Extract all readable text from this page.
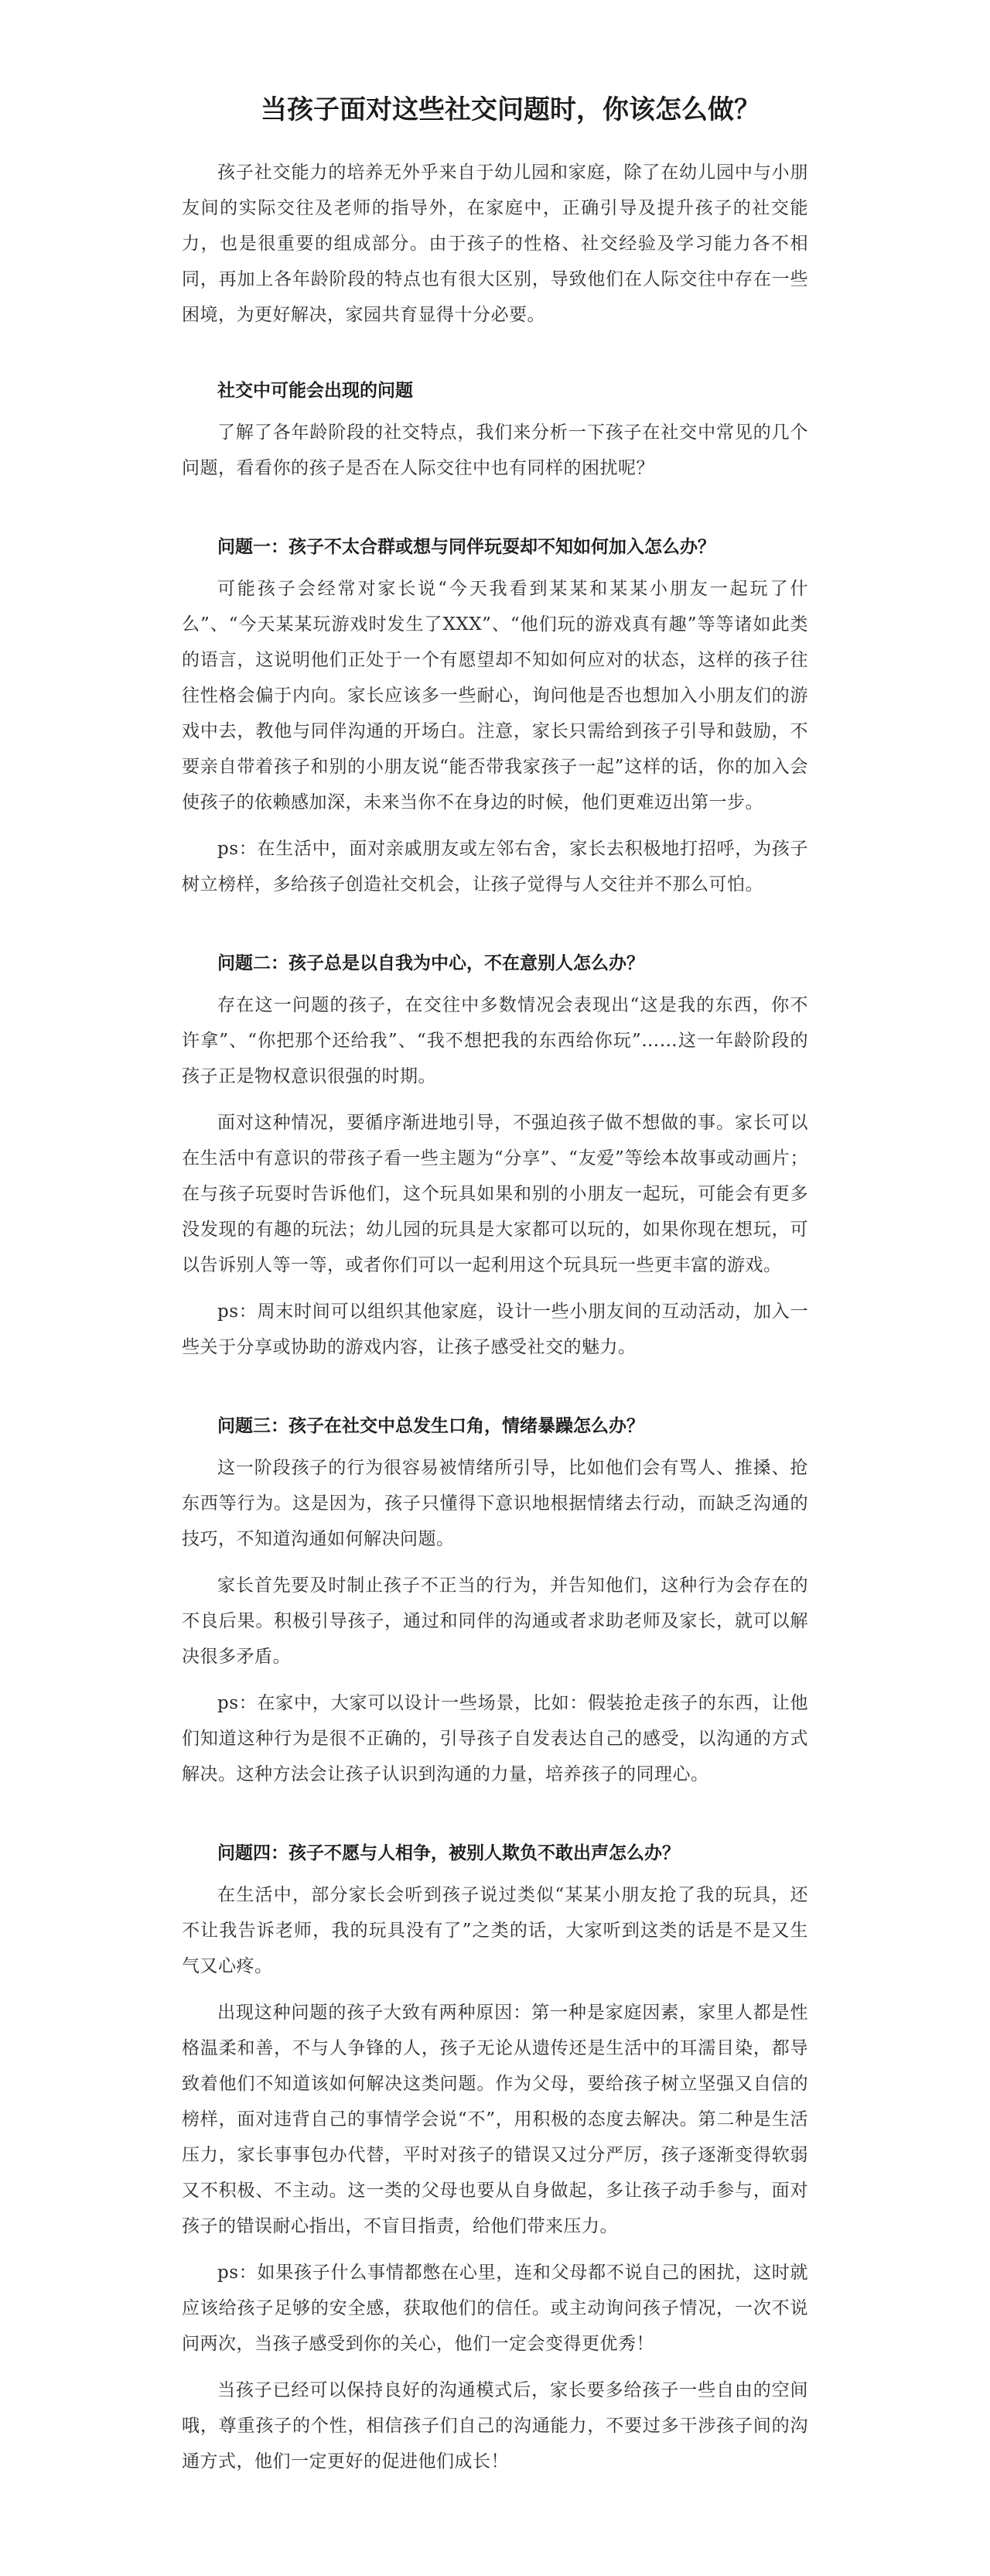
当孩子面对这些社交问题时，你该怎么做？

孩子社交能力的培养无外乎来自于幼儿园和家庭，除了在幼儿园中与小朋友间的实际交往及老师的指导外，在家庭中，正确引导及提升孩子的社交能力，也是很重要的组成部分。由于孩子的性格、社交经验及学习能力各不相同，再加上各年龄阶段的特点也有很大区别，导致他们在人际交往中存在一些困境，为更好解决，家园共育显得十分必要。

社交中可能会出现的问题

了解了各年龄阶段的社交特点，我们来分析一下孩子在社交中常见的几个问题，看看你的孩子是否在人际交往中也有同样的困扰呢？

问题一：孩子不太合群或想与同伴玩耍却不知如何加入怎么办？

可能孩子会经常对家长说“今天我看到某某和某某小朋友一起玩了什么”、“今天某某玩游戏时发生了XXX”、“他们玩的游戏真有趣”等等诸如此类的语言，这说明他们正处于一个有愿望却不知如何应对的状态，这样的孩子往往性格会偏于内向。家长应该多一些耐心，询问他是否也想加入小朋友们的游戏中去，教他与同伴沟通的开场白。注意，家长只需给到孩子引导和鼓励，不要亲自带着孩子和别的小朋友说“能否带我家孩子一起”这样的话，你的加入会使孩子的依赖感加深，未来当你不在身边的时候，他们更难迈出第一步。

ps：在生活中，面对亲戚朋友或左邻右舍，家长去积极地打招呼，为孩子树立榜样，多给孩子创造社交机会，让孩子觉得与人交往并不那么可怕。

问题二：孩子总是以自我为中心，不在意别人怎么办？

存在这一问题的孩子，在交往中多数情况会表现出“这是我的东西，你不许拿”、“你把那个还给我”、“我不想把我的东西给你玩”……这一年龄阶段的孩子正是物权意识很强的时期。

面对这种情况，要循序渐进地引导，不强迫孩子做不想做的事。家长可以在生活中有意识的带孩子看一些主题为“分享”、“友爱”等绘本故事或动画片；在与孩子玩耍时告诉他们，这个玩具如果和别的小朋友一起玩，可能会有更多没发现的有趣的玩法；幼儿园的玩具是大家都可以玩的，如果你现在想玩，可以告诉别人等一等，或者你们可以一起利用这个玩具玩一些更丰富的游戏。

ps：周末时间可以组织其他家庭，设计一些小朋友间的互动活动，加入一些关于分享或协助的游戏内容，让孩子感受社交的魅力。

问题三：孩子在社交中总发生口角，情绪暴躁怎么办？

这一阶段孩子的行为很容易被情绪所引导，比如他们会有骂人、推搡、抢东西等行为。这是因为，孩子只懂得下意识地根据情绪去行动，而缺乏沟通的技巧，不知道沟通如何解决问题。

家长首先要及时制止孩子不正当的行为，并告知他们，这种行为会存在的不良后果。积极引导孩子，通过和同伴的沟通或者求助老师及家长，就可以解决很多矛盾。

ps：在家中，大家可以设计一些场景，比如：假装抢走孩子的东西，让他们知道这种行为是很不正确的，引导孩子自发表达自己的感受，以沟通的方式解决。这种方法会让孩子认识到沟通的力量，培养孩子的同理心。

问题四：孩子不愿与人相争，被别人欺负不敢出声怎么办？

在生活中，部分家长会听到孩子说过类似“某某小朋友抢了我的玩具，还不让我告诉老师，我的玩具没有了”之类的话，大家听到这类的话是不是又生气又心疼。

出现这种问题的孩子大致有两种原因：第一种是家庭因素，家里人都是性格温柔和善，不与人争锋的人，孩子无论从遗传还是生活中的耳濡目染，都导致着他们不知道该如何解决这类问题。作为父母，要给孩子树立坚强又自信的榜样，面对违背自己的事情学会说“不”，用积极的态度去解决。第二种是生活压力，家长事事包办代替，平时对孩子的错误又过分严厉，孩子逐渐变得软弱又不积极、不主动。这一类的父母也要从自身做起，多让孩子动手参与，面对孩子的错误耐心指出，不盲目指责，给他们带来压力。

ps：如果孩子什么事情都憋在心里，连和父母都不说自己的困扰，这时就应该给孩子足够的安全感，获取他们的信任。或主动询问孩子情况，一次不说问两次，当孩子感受到你的关心，他们一定会变得更优秀！

当孩子已经可以保持良好的沟通模式后，家长要多给孩子一些自由的空间哦，尊重孩子的个性，相信孩子们自己的沟通能力，不要过多干涉孩子间的沟通方式，他们一定更好的促进他们成长！
